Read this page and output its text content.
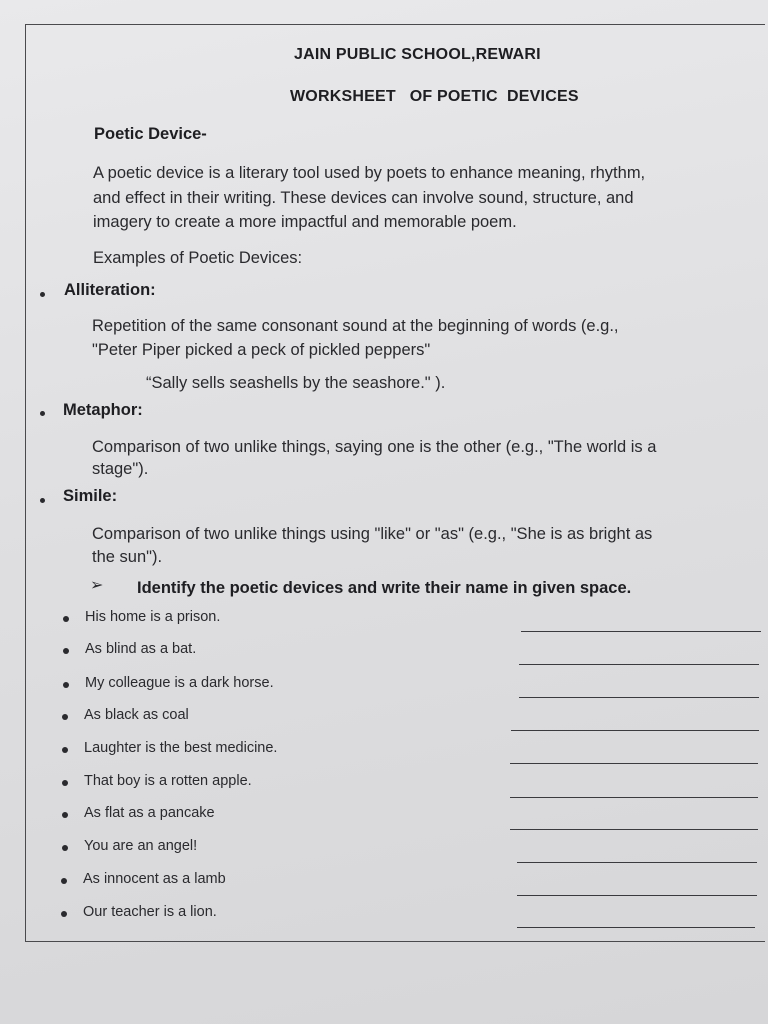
JAIN PUBLIC SCHOOL,REWARI
WORKSHEET   OF POETIC  DEVICES
Poetic Device-
A poetic device is a literary tool used by poets to enhance meaning, rhythm,
and effect in their writing. These devices can involve sound, structure, and
imagery to create a more impactful and memorable poem.
Examples of Poetic Devices:
Alliteration:
Repetition of the same consonant sound at the beginning of words (e.g.,
"Peter Piper picked a peck of pickled peppers"
“Sally sells seashells by the seashore." ).
Metaphor:
Comparison of two unlike things, saying one is the other (e.g., "The world is a
stage").
Simile:
Comparison of two unlike things using "like" or "as" (e.g., "She is as bright as
the sun").
➢ Identify the poetic devices and write their name in given space.
His home is a prison.
As blind as a bat.
My colleague is a dark horse.
As black as coal
Laughter is the best medicine.
That boy is a rotten apple.
As flat as a pancake
You are an angel!
As innocent as a lamb
Our teacher is a lion.
